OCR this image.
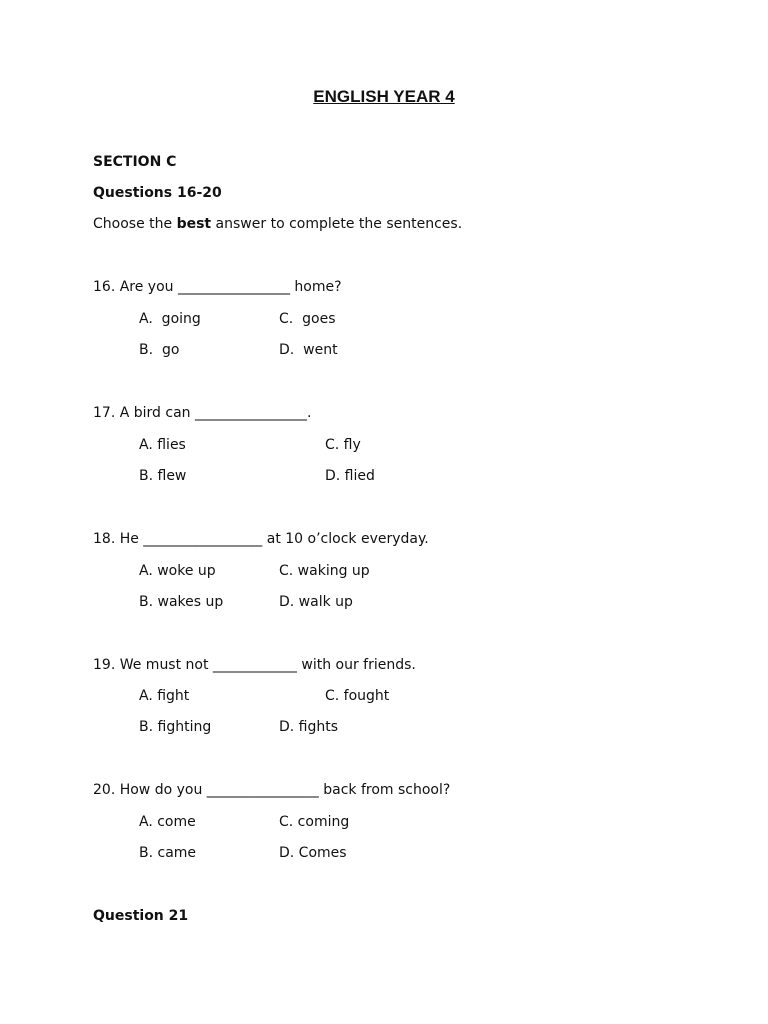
ENGLISH YEAR 4
SECTION C
Questions 16-20
Choose the best answer to complete the sentences.
16. Are you ________________ home?
A.  going	C.  goes
B.  go	D.  went
17. A bird can ________________.
A. flies	C. fly
B. flew	D. flied
18. He _________________ at 10 o’clock everyday.
A. woke up	C. waking up
B. wakes up	D. walk up
19. We must not ____________ with our friends.
A. fight	C. fought
B. fighting	D. fights
20. How do you ________________ back from school?
A. come	C. coming
B. came	D. Comes
Question 21
